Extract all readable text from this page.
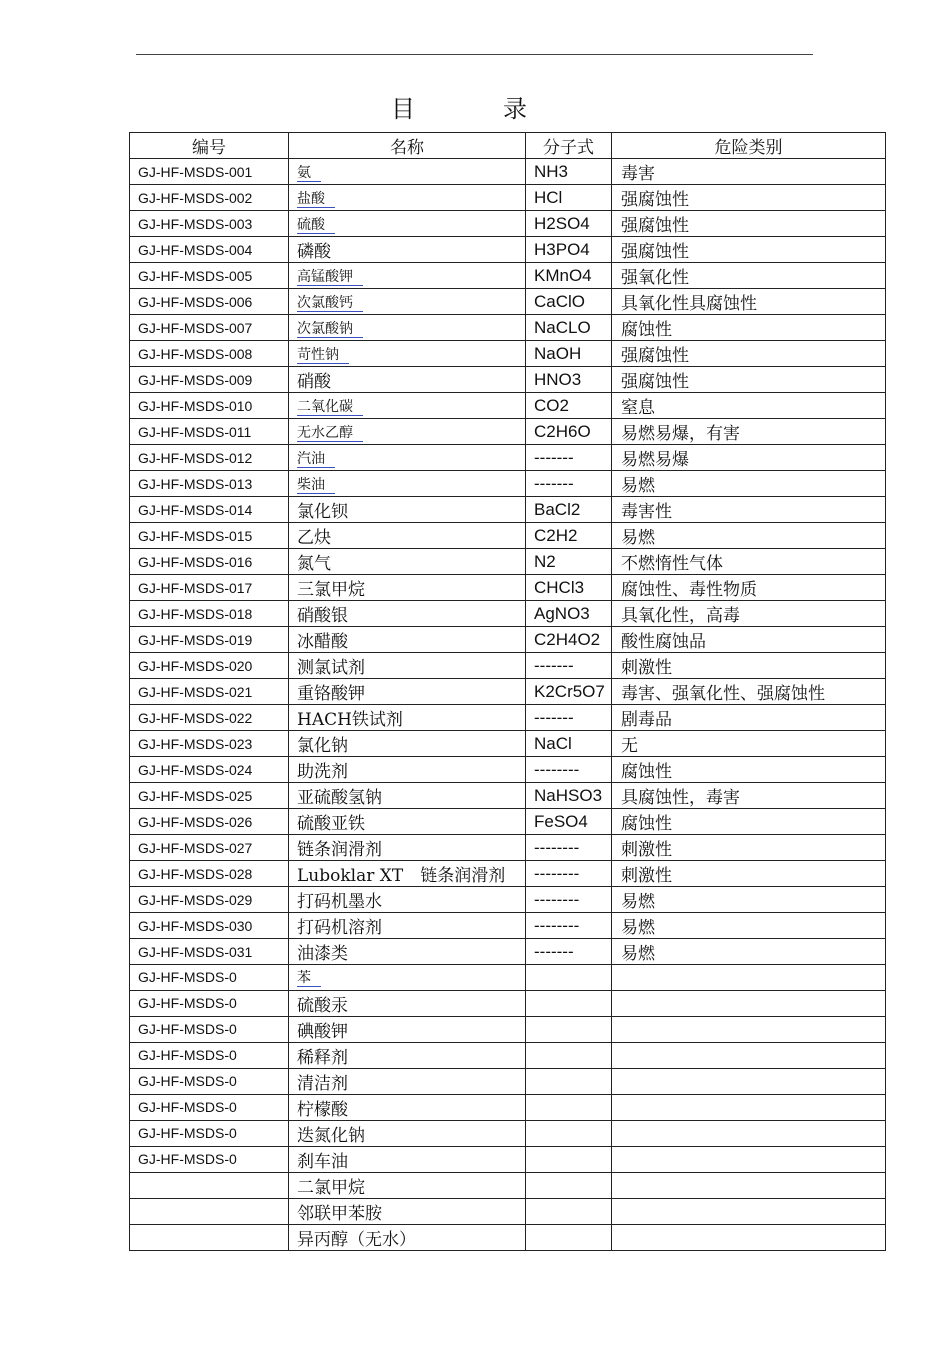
目　录
编号	名称	分子式	危险类别
GJ-HF-MSDS-001	氨	NH3	毒害
GJ-HF-MSDS-002	盐酸	HCl	强腐蚀性
GJ-HF-MSDS-003	硫酸	H2SO4	强腐蚀性
GJ-HF-MSDS-004	磷酸	H3PO4	强腐蚀性
GJ-HF-MSDS-005	高锰酸钾	KMnO4	强氧化性
GJ-HF-MSDS-006	次氯酸钙	CaClO	具氧化性具腐蚀性
GJ-HF-MSDS-007	次氯酸钠	NaCLO	腐蚀性
GJ-HF-MSDS-008	苛性钠	NaOH	强腐蚀性
GJ-HF-MSDS-009	硝酸	HNO3	强腐蚀性
GJ-HF-MSDS-010	二氧化碳	CO2	窒息
GJ-HF-MSDS-011	无水乙醇	C2H6O	易燃易爆，有害
GJ-HF-MSDS-012	汽油	-------	易燃易爆
GJ-HF-MSDS-013	柴油	-------	易燃
GJ-HF-MSDS-014	氯化钡	BaCl2	毒害性
GJ-HF-MSDS-015	乙炔	C2H2	易燃
GJ-HF-MSDS-016	氮气	N2	不燃惰性气体
GJ-HF-MSDS-017	三氯甲烷	CHCl3	腐蚀性、毒性物质
GJ-HF-MSDS-018	硝酸银	AgNO3	具氧化性，高毒
GJ-HF-MSDS-019	冰醋酸	C2H4O2	酸性腐蚀品
GJ-HF-MSDS-020	测氯试剂	-------	刺激性
GJ-HF-MSDS-021	重铬酸钾	K2Cr5O7	毒害、强氧化性、强腐蚀性
GJ-HF-MSDS-022	HACH铁试剂	-------	剧毒品
GJ-HF-MSDS-023	氯化钠	NaCl	无
GJ-HF-MSDS-024	助洗剂	--------	腐蚀性
GJ-HF-MSDS-025	亚硫酸氢钠	NaHSO3	具腐蚀性，毒害
GJ-HF-MSDS-026	硫酸亚铁	FeSO4	腐蚀性
GJ-HF-MSDS-027	链条润滑剂	--------	刺激性
GJ-HF-MSDS-028	Luboklar XT　链条润滑剂	--------	刺激性
GJ-HF-MSDS-029	打码机墨水	--------	易燃
GJ-HF-MSDS-030	打码机溶剂	--------	易燃
GJ-HF-MSDS-031	油漆类	-------	易燃
GJ-HF-MSDS-0	苯		
GJ-HF-MSDS-0	硫酸汞		
GJ-HF-MSDS-0	碘酸钾		
GJ-HF-MSDS-0	稀释剂		
GJ-HF-MSDS-0	清洁剂		
GJ-HF-MSDS-0	柠檬酸		
GJ-HF-MSDS-0	迭氮化钠		
GJ-HF-MSDS-0	刹车油		
	二氯甲烷		
	邻联甲苯胺		
	异丙醇（无水）		
